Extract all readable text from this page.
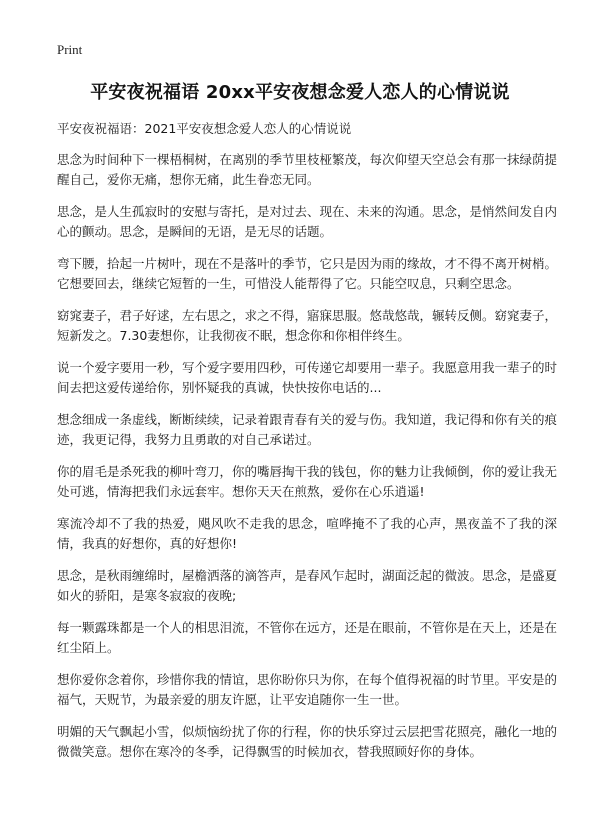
Print
平安夜祝福语 20xx平安夜想念爱人恋人的心情说说

平安夜祝福语：2021平安夜想念爱人恋人的心情说说

思念为时间种下一棵梧桐树，在离别的季节里枝桠繁茂，每次仰望天空总会有那一抹绿荫提醒自己，爱你无痛，想你无痛，此生眷恋无同。

思念，是人生孤寂时的安慰与寄托，是对过去、现在、未来的沟通。思念，是悄然间发自内心的颤动。思念，是瞬间的无语，是无尽的话题。

弯下腰，拾起一片树叶，现在不是落叶的季节，它只是因为雨的缘故，才不得不离开树梢。它想要回去，继续它短暂的一生，可惜没人能帮得了它。只能空叹息，只剩空思念。

窈窕妻子，君子好逑，左右思之，求之不得，寤寐思服。悠哉悠哉，辗转反侧。窈窕妻子，短新发之。7.30妻想你，让我彻夜不眠，想念你和你相伴终生。

说一个爱字要用一秒，写个爱字要用四秒，可传递它却要用一辈子。我愿意用我一辈子的时间去把这爱传递给你，别怀疑我的真诚，快快按你电话的...

想念细成一条虚线，断断续续，记录着跟青春有关的爱与伤。我知道，我记得和你有关的痕迹，我更记得，我努力且勇敢的对自己承诺过。

你的眉毛是杀死我的柳叶弯刀，你的嘴唇掏干我的钱包，你的魅力让我倾倒，你的爱让我无处可逃，情海把我们永远套牢。想你天天在煎熬，爱你在心乐逍遥!

寒流冷却不了我的热爱，飓风吹不走我的思念，喧哗掩不了我的心声，黑夜盖不了我的深情，我真的好想你，真的好想你!

思念，是秋雨缠绵时，屋檐洒落的滴答声，是春风乍起时，湖面泛起的微波。思念，是盛夏如火的骄阳，是寒冬寂寂的夜晚;

每一颗露珠都是一个人的相思泪流，不管你在远方，还是在眼前，不管你是在天上，还是在红尘陌上。

想你爱你念着你，珍惜你我的情谊，思你盼你只为你，在每个值得祝福的时节里。平安是的福气，天贶节，为最亲爱的朋友许愿，让平安追随你一生一世。

明媚的天气飘起小雪，似烦恼纷扰了你的行程，你的快乐穿过云层把雪花照亮，融化一地的微微笑意。想你在寒冷的冬季，记得飘雪的时候加衣，替我照顾好你的身体。
